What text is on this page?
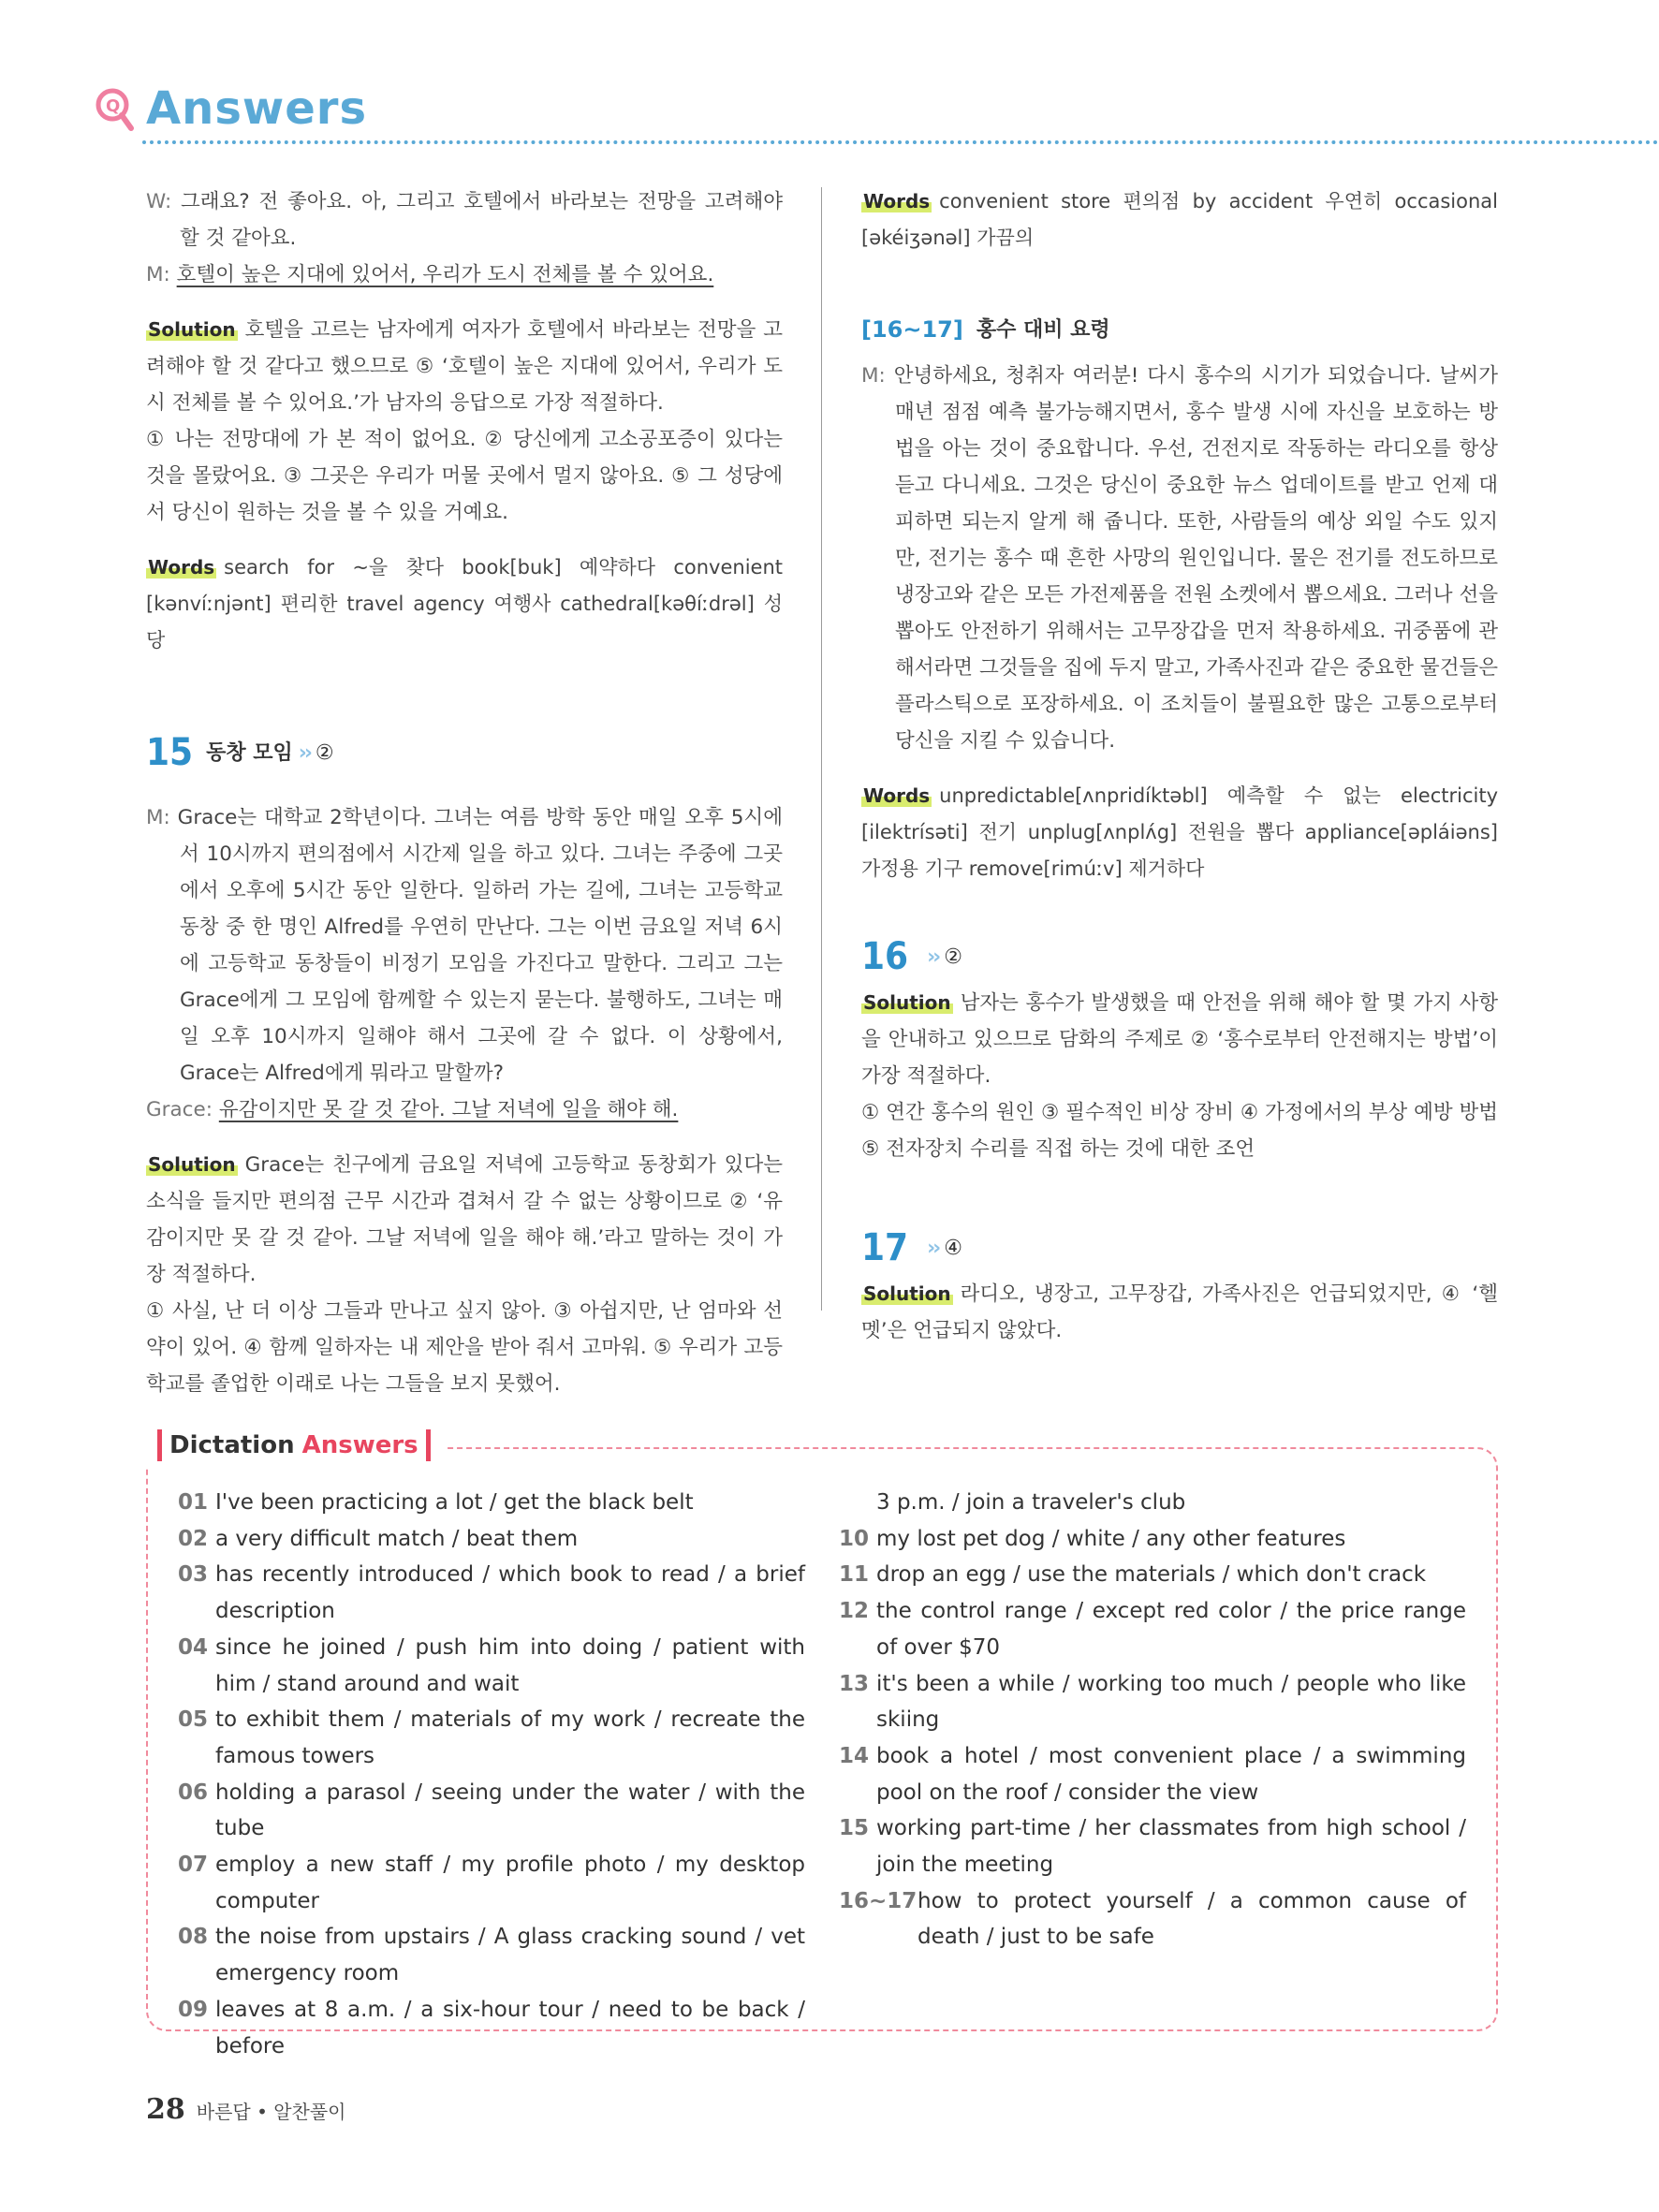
Q Answers

W: 그래요? 전 좋아요. 아, 그리고 호텔에서 바라보는 전망을 고려해야 할 것 같아요.

M: 호텔이 높은 지대에 있어서, 우리가 도시 전체를 볼 수 있어요.

Solution 호텔을 고르는 남자에게 여자가 호텔에서 바라보는 전망을 고려해야 할 것 같다고 했으므로 ⑤ ‘호텔이 높은 지대에 있어서, 우리가 도시 전체를 볼 수 있어요.’가 남자의 응답으로 가장 적절하다.

① 나는 전망대에 가 본 적이 없어요. ② 당신에게 고소공포증이 있다는 것을 몰랐어요. ③ 그곳은 우리가 머물 곳에서 멀지 않아요. ⑤ 그 성당에서 당신이 원하는 것을 볼 수 있을 거예요.

Words search for ~을 찾다 book[buk] 예약하다 convenient [kənvíːnjənt] 편리한 travel agency 여행사 cathedral[kəθíːdrəl] 성당

15 동창 모임 ›› ②

M: Grace는 대학교 2학년이다. 그녀는 여름 방학 동안 매일 오후 5시에서 10시까지 편의점에서 시간제 일을 하고 있다. 그녀는 주중에 그곳에서 오후에 5시간 동안 일한다. 일하러 가는 길에, 그녀는 고등학교 동창 중 한 명인 Alfred를 우연히 만난다. 그는 이번 금요일 저녁 6시에 고등학교 동창들이 비정기 모임을 가진다고 말한다. 그리고 그는 Grace에게 그 모임에 함께할 수 있는지 묻는다. 불행하도, 그녀는 매일 오후 10시까지 일해야 해서 그곳에 갈 수 없다. 이 상황에서, Grace는 Alfred에게 뭐라고 말할까?

Grace: 유감이지만 못 갈 것 같아. 그날 저녁에 일을 해야 해.

Solution Grace는 친구에게 금요일 저녁에 고등학교 동창회가 있다는 소식을 들지만 편의점 근무 시간과 겹쳐서 갈 수 없는 상황이므로 ② ‘유감이지만 못 갈 것 같아. 그날 저녁에 일을 해야 해.’라고 말하는 것이 가장 적절하다.

① 사실, 난 더 이상 그들과 만나고 싶지 않아. ③ 아쉽지만, 난 엄마와 선약이 있어. ④ 함께 일하자는 내 제안을 받아 줘서 고마워. ⑤ 우리가 고등학교를 졸업한 이래로 나는 그들을 보지 못했어.

Words convenient store 편의점 by accident 우연히 occasional [əkéiʒənəl] 가끔의

[16~17] 홍수 대비 요령

M: 안녕하세요, 청취자 여러분! 다시 홍수의 시기가 되었습니다. 날씨가 매년 점점 예측 불가능해지면서, 홍수 발생 시에 자신을 보호하는 방법을 아는 것이 중요합니다. 우선, 건전지로 작동하는 라디오를 항상 듣고 다니세요. 그것은 당신이 중요한 뉴스 업데이트를 받고 언제 대피하면 되는지 알게 해 줍니다. 또한, 사람들의 예상 외일 수도 있지만, 전기는 홍수 때 흔한 사망의 원인입니다. 물은 전기를 전도하므로 냉장고와 같은 모든 가전제품을 전원 소켓에서 뽑으세요. 그러나 선을 뽑아도 안전하기 위해서는 고무장갑을 먼저 착용하세요. 귀중품에 관해서라면 그것들을 집에 두지 말고, 가족사진과 같은 중요한 물건들은 플라스틱으로 포장하세요. 이 조치들이 불필요한 많은 고통으로부터 당신을 지킬 수 있습니다.

Words unpredictable[ʌnpridíktəbl] 예측할 수 없는 electricity [ilektrísəti] 전기 unplug[ʌnplʌ́g] 전원을 뽑다 appliance[əpláiəns] 가정용 기구 remove[rimúːv] 제거하다

16 ›› ②

Solution 남자는 홍수가 발생했을 때 안전을 위해 해야 할 몇 가지 사항을 안내하고 있으므로 담화의 주제로 ② ‘홍수로부터 안전해지는 방법’이 가장 적절하다.

① 연간 홍수의 원인 ③ 필수적인 비상 장비 ④ 가정에서의 부상 예방 방법 ⑤ 전자장치 수리를 직접 하는 것에 대한 조언

17 ›› ④

Solution 라디오, 냉장고, 고무장갑, 가족사진은 언급되었지만, ④ ‘헬멧’은 언급되지 않았다.

Dictation Answers
01 I've been practicing a lot / get the black belt
02 a very difficult match / beat them
03 has recently introduced / which book to read / a brief description
04 since he joined / push him into doing / patient with him / stand around and wait
05 to exhibit them / materials of my work / recreate the famous towers
06 holding a parasol / seeing under the water / with the tube
07 employ a new staff / my profile photo / my desktop computer
08 the noise from upstairs / A glass cracking sound / vet emergency room
09 leaves at 8 a.m. / a six-hour tour / need to be back / before
3 p.m. / join a traveler's club
10 my lost pet dog / white / any other features
11 drop an egg / use the materials / which don't crack
12 the control range / except red color / the price range of over $70
13 it's been a while / working too much / people who like skiing
14 book a hotel / most convenient place / a swimming pool on the roof / consider the view
15 working part-time / her classmates from high school / join the meeting
16~17 how to protect yourself / a common cause of death / just to be safe
28 바른답 • 알찬풀이
